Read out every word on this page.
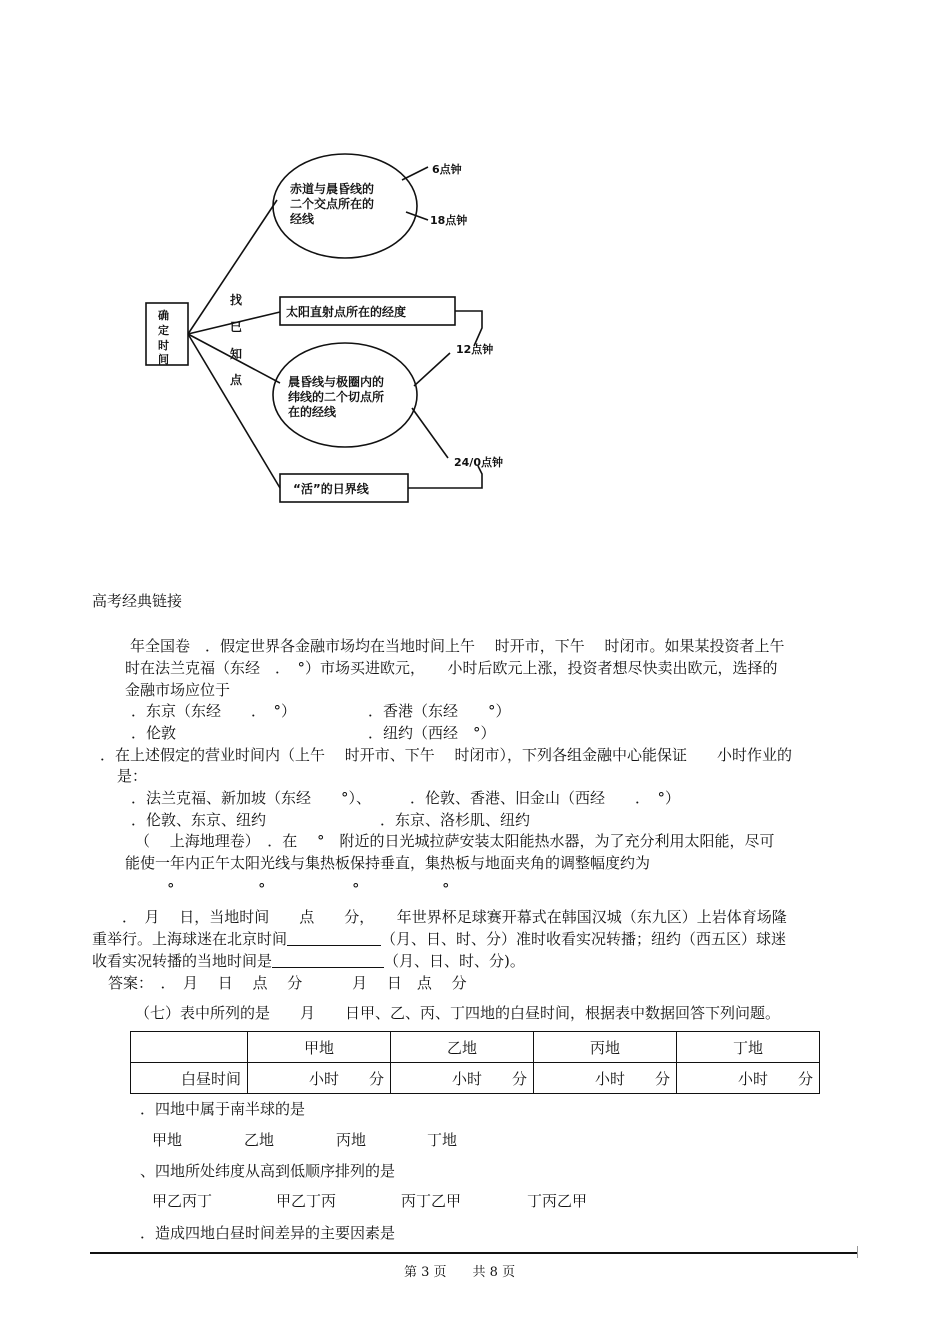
确
定
时
间
找
已
知
点
赤道与晨昏线的
二个交点所在的
经线
晨昏线与极圈内的
纬线的二个切点所
在的经线
太阳直射点所在的经度
“活”的日界线
6点钟
18点钟
12点钟
24/0点钟
高考经典链接
年全国卷　．假定世界各金融市场均在当地时间上午　 时开市，下午　 时闭市。如果某投资者上午
时在法兰克福（东经　．　°）市场买进欧元，　　小时后欧元上涨，投资者想尽快卖出欧元，选择的
金融市场应位于
．东京（东经　　．　°）	．香港（东经　　°）
．伦敦	．纽约（西经　°）
．在上述假定的营业时间内（上午　 时开市、下午　 时闭市），下列各组金融中心能保证　　小时作业的
是：
．法兰克福、新加坡（东经　　°）、	．伦敦、香港、旧金山（西经　　．　°）
．伦敦、东京、纽约	．东京、洛杉肌、纽约
（　 上海地理卷）　．在　 °　附近的日光城拉萨安装太阳能热水器，为了充分利用太阳能，尽可
能使一年内正午太阳光线与集热板保持垂直，集热板与地面夹角的调整幅度约为
°	°	°	°
．　月　 日，当地时间　　点　　分，　　年世界杯足球赛开幕式在韩国汉城（东九区）上岩体育场隆
重举行。上海球迷在北京时间	（月、日、时、分）准时收看实况转播；纽约（西五区）球迷
收看实况转播的当地时间是	（月、日、时、分)。
答案：　．　月　 日　 点　 分　　　 月　 日　点　 分
（七）表中所列的是　　月　　日甲、乙、丙、丁四地的白昼时间，根据表中数据回答下列问题。
	甲地	乙地	丙地	丁地
白昼时间	小时　　分	小时　　分	小时　　分	小时　　分
．四地中属于南半球的是
甲地	乙地	丙地	丁地
、四地所处纬度从高到低顺序排列的是
甲乙丙丁	甲乙丁丙	丙丁乙甲	丁丙乙甲
．造成四地白昼时间差异的主要因素是
第 3 页　　共 8 页
